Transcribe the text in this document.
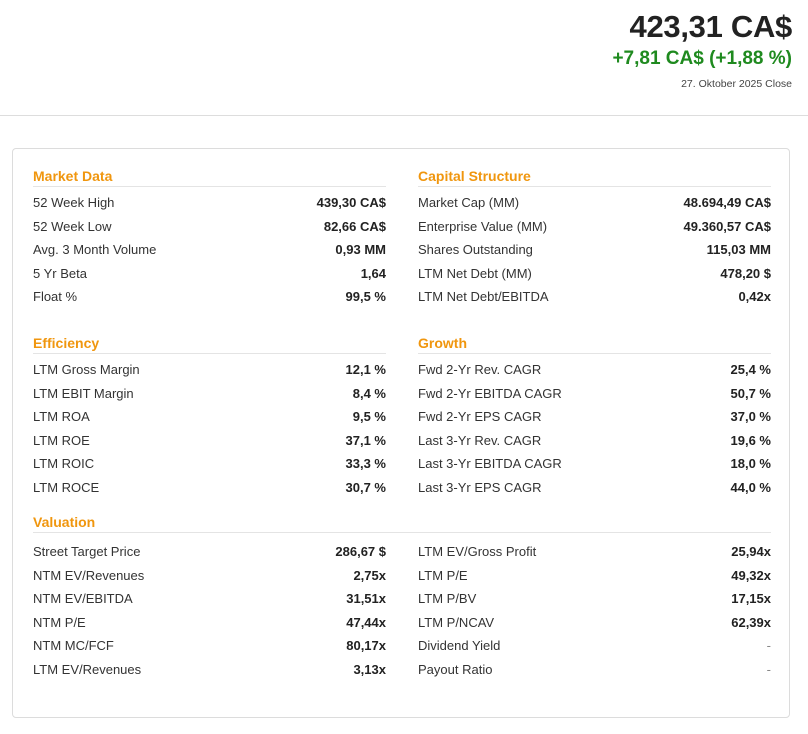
423,31 CA$
+7,81 CA$ (+1,88 %)
27. Oktober 2025 Close
Market Data
52 Week High	439,30 CA$
52 Week Low	82,66 CA$
Avg. 3 Month Volume	0,93 MM
5 Yr Beta	1,64
Float %	99,5 %
Capital Structure
Market Cap (MM)	48.694,49 CA$
Enterprise Value (MM)	49.360,57 CA$
Shares Outstanding	115,03 MM
LTM Net Debt (MM)	478,20 $
LTM Net Debt/EBITDA	0,42x
Efficiency
LTM Gross Margin	12,1 %
LTM EBIT Margin	8,4 %
LTM ROA	9,5 %
LTM ROE	37,1 %
LTM ROIC	33,3 %
LTM ROCE	30,7 %
Growth
Fwd 2-Yr Rev. CAGR	25,4 %
Fwd 2-Yr EBITDA CAGR	50,7 %
Fwd 2-Yr EPS CAGR	37,0 %
Last 3-Yr Rev. CAGR	19,6 %
Last 3-Yr EBITDA CAGR	18,0 %
Last 3-Yr EPS CAGR	44,0 %
Valuation
Street Target Price	286,67 $
NTM EV/Revenues	2,75x
NTM EV/EBITDA	31,51x
NTM P/E	47,44x
NTM MC/FCF	80,17x
LTM EV/Revenues	3,13x
LTM EV/Gross Profit	25,94x
LTM P/E	49,32x
LTM P/BV	17,15x
LTM P/NCAV	62,39x
Dividend Yield	-
Payout Ratio	-
